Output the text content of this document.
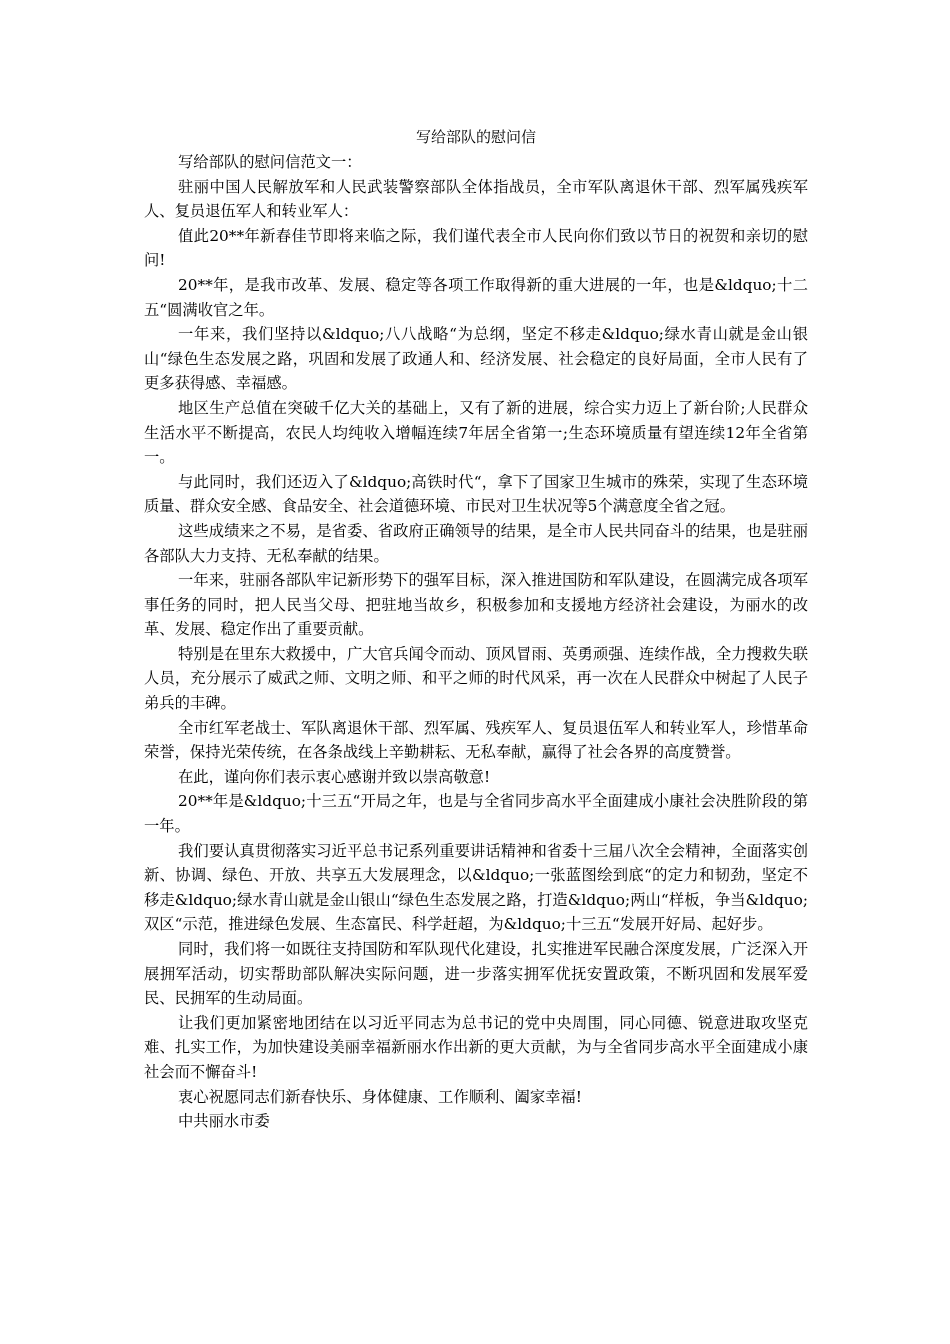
写给部队的慰问信

写给部队的慰问信范文一：

驻丽中国人民解放军和人民武装警察部队全体指战员，全市军队离退休干部、烈军属残疾军人、复员退伍军人和转业军人：

值此20**年新春佳节即将来临之际，我们谨代表全市人民向你们致以节日的祝贺和亲切的慰问!

20**年，是我市改革、发展、稳定等各项工作取得新的重大进展的一年，也是&ldquo;十二五“圆满收官之年。

一年来，我们坚持以&ldquo;八八战略“为总纲，坚定不移走&ldquo;绿水青山就是金山银山“绿色生态发展之路，巩固和发展了政通人和、经济发展、社会稳定的良好局面，全市人民有了更多获得感、幸福感。

地区生产总值在突破千亿大关的基础上，又有了新的进展，综合实力迈上了新台阶;人民群众生活水平不断提高，农民人均纯收入增幅连续7年居全省第一;生态环境质量有望连续12年全省第一。

与此同时，我们还迈入了&ldquo;高铁时代“，拿下了国家卫生城市的殊荣，实现了生态环境质量、群众安全感、食品安全、社会道德环境、市民对卫生状况等5个满意度全省之冠。

这些成绩来之不易，是省委、省政府正确领导的结果，是全市人民共同奋斗的结果，也是驻丽各部队大力支持、无私奉献的结果。

一年来，驻丽各部队牢记新形势下的强军目标，深入推进国防和军队建设，在圆满完成各项军事任务的同时，把人民当父母、把驻地当故乡，积极参加和支援地方经济社会建设，为丽水的改革、发展、稳定作出了重要贡献。

特别是在里东大救援中，广大官兵闻令而动、顶风冒雨、英勇顽强、连续作战，全力搜救失联人员，充分展示了威武之师、文明之师、和平之师的时代风采，再一次在人民群众中树起了人民子弟兵的丰碑。

全市红军老战士、军队离退休干部、烈军属、残疾军人、复员退伍军人和转业军人，珍惜革命荣誉，保持光荣传统，在各条战线上辛勤耕耘、无私奉献，赢得了社会各界的高度赞誉。

在此，谨向你们表示衷心感谢并致以崇高敬意!

20**年是&ldquo;十三五“开局之年，也是与全省同步高水平全面建成小康社会决胜阶段的第一年。

我们要认真贯彻落实习近平总书记系列重要讲话精神和省委十三届八次全会精神，全面落实创新、协调、绿色、开放、共享五大发展理念，以&ldquo;一张蓝图绘到底“的定力和韧劲，坚定不移走&ldquo;绿水青山就是金山银山“绿色生态发展之路，打造&ldquo;两山“样板，争当&ldquo;双区“示范，推进绿色发展、生态富民、科学赶超，为&ldquo;十三五“发展开好局、起好步。

同时，我们将一如既往支持国防和军队现代化建设，扎实推进军民融合深度发展，广泛深入开展拥军活动，切实帮助部队解决实际问题，进一步落实拥军优抚安置政策，不断巩固和发展军爱民、民拥军的生动局面。

让我们更加紧密地团结在以习近平同志为总书记的党中央周围，同心同德、锐意进取攻坚克难、扎实工作，为加快建设美丽幸福新丽水作出新的更大贡献，为与全省同步高水平全面建成小康社会而不懈奋斗!

衷心祝愿同志们新春快乐、身体健康、工作顺利、阖家幸福!

中共丽水市委
